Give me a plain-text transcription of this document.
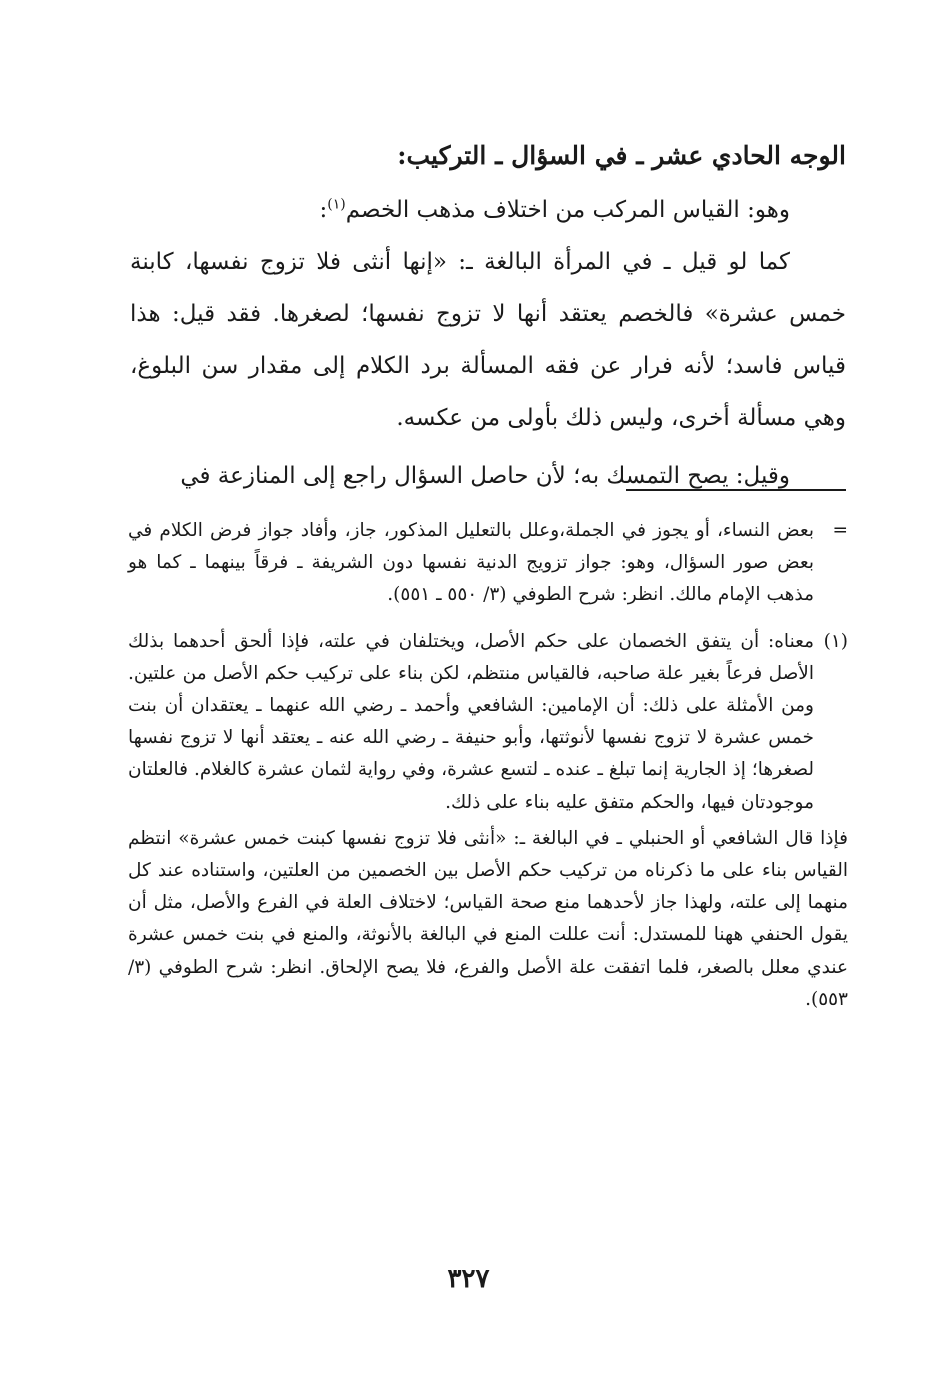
الوجه الحادي عشر ـ في السؤال ـ التركيب:

وهو: القياس المركب من اختلاف مذهب الخصم$^{(١)}$:

كما لو قيل ـ في المرأة البالغة ـ: «إنها أنثى فلا تزوج نفسها، كابنة خمس عشرة» فالخصم يعتقد أنها لا تزوج نفسها؛ لصغرها. فقد قيل: هذا قياس فاسد؛ لأنه فرار عن فقه المسألة برد الكلام إلى مقدار سن البلوغ، وهي مسألة أخرى، وليس ذلك بأولى من عكسه.

وقيل: يصح التمسك به؛ لأن حاصل السؤال راجع إلى المنازعة في

=
بعض النساء، أو يجوز في الجملة،وعلل بالتعليل المذكور، جاز، وأفاد جواز فرض الكلام في بعض صور السؤال، وهو: جواز تزويج الدنية نفسها دون الشريفة ـ فرقاً بينهما ـ كما هو مذهب الإمام مالك. انظر: شرح الطوفي (٣/ ٥٥٠ ـ ٥٥١).

(١)
معناه: أن يتفق الخصمان على حكم الأصل، ويختلفان في علته، فإذا ألحق أحدهما بذلك الأصل فرعاً بغير علة صاحبه، فالقياس منتظم، لكن بناء على تركيب حكم الأصل من علتين. ومن الأمثلة على ذلك: أن الإمامين: الشافعي وأحمد ـ رضي الله عنهما ـ يعتقدان أن بنت خمس عشرة لا تزوج نفسها لأنوثتها، وأبو حنيفة ـ رضي الله عنه ـ يعتقد أنها لا تزوج نفسها لصغرها؛ إذ الجارية إنما تبلغ ـ عنده ـ لتسع عشرة، وفي رواية لثمان عشرة كالغلام. فالعلتان موجودتان فيها، والحكم متفق عليه بناء على ذلك.

فإذا قال الشافعي أو الحنبلي ـ في البالغة ـ: «أنثى فلا تزوج نفسها كبنت خمس عشرة» انتظم القياس بناء على ما ذكرناه من تركيب حكم الأصل بين الخصمين من العلتين، واستناده عند كل منهما إلى علته، ولهذا جاز لأحدهما منع صحة القياس؛ لاختلاف العلة في الفرع والأصل، مثل أن يقول الحنفي ههنا للمستدل: أنت عللت المنع في البالغة بالأنوثة، والمنع في بنت خمس عشرة عندي معلل بالصغر، فلما اتفقت علة الأصل والفرع، فلا يصح الإلحاق. انظر: شرح الطوفي (٣/ ٥٥٣).

٣٢٧
